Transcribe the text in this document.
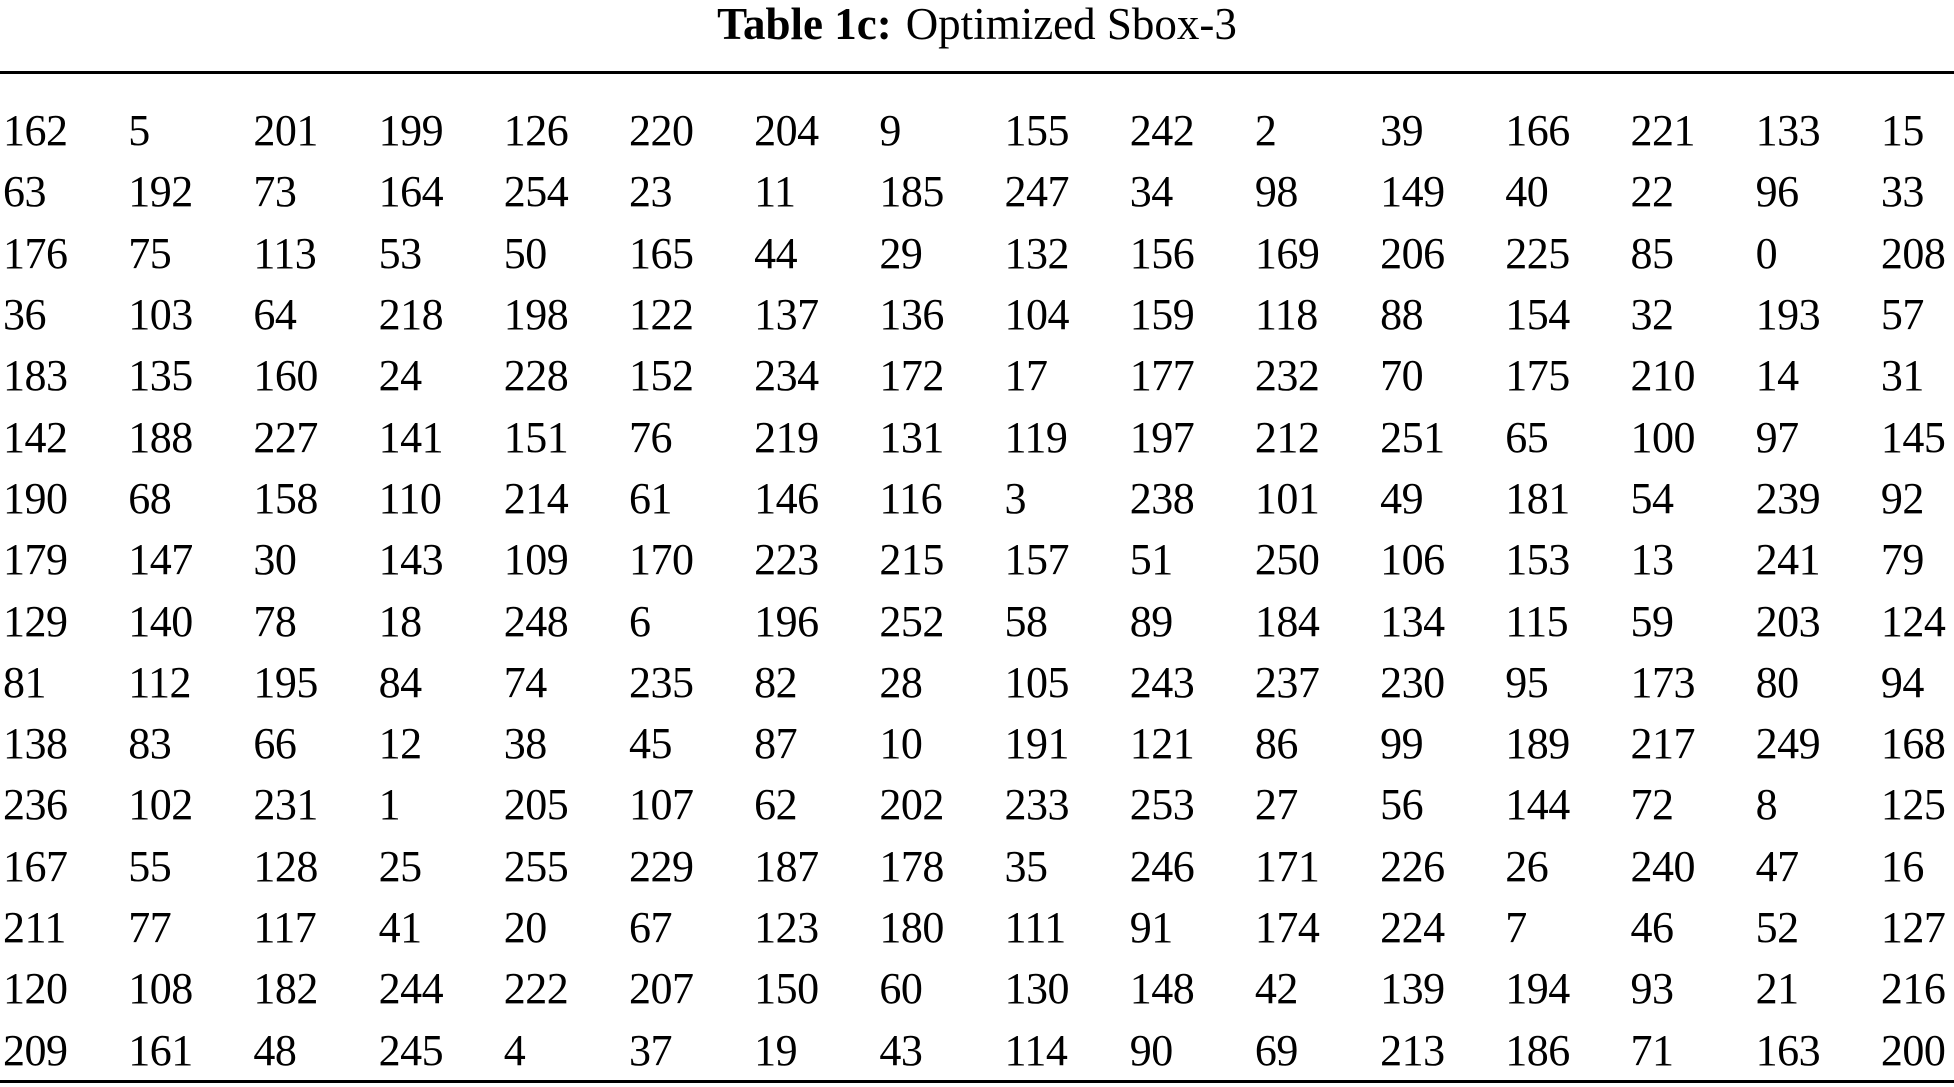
Table 1c: Optimized Sbox-3
162	5	201	199	126	220	204	9	155	242	2	39	166	221	133	15
63	192	73	164	254	23	11	185	247	34	98	149	40	22	96	33
176	75	113	53	50	165	44	29	132	156	169	206	225	85	0	208
36	103	64	218	198	122	137	136	104	159	118	88	154	32	193	57
183	135	160	24	228	152	234	172	17	177	232	70	175	210	14	31
142	188	227	141	151	76	219	131	119	197	212	251	65	100	97	145
190	68	158	110	214	61	146	116	3	238	101	49	181	54	239	92
179	147	30	143	109	170	223	215	157	51	250	106	153	13	241	79
129	140	78	18	248	6	196	252	58	89	184	134	115	59	203	124
81	112	195	84	74	235	82	28	105	243	237	230	95	173	80	94
138	83	66	12	38	45	87	10	191	121	86	99	189	217	249	168
236	102	231	1	205	107	62	202	233	253	27	56	144	72	8	125
167	55	128	25	255	229	187	178	35	246	171	226	26	240	47	16
211	77	117	41	20	67	123	180	111	91	174	224	7	46	52	127
120	108	182	244	222	207	150	60	130	148	42	139	194	93	21	216
209	161	48	245	4	37	19	43	114	90	69	213	186	71	163	200
